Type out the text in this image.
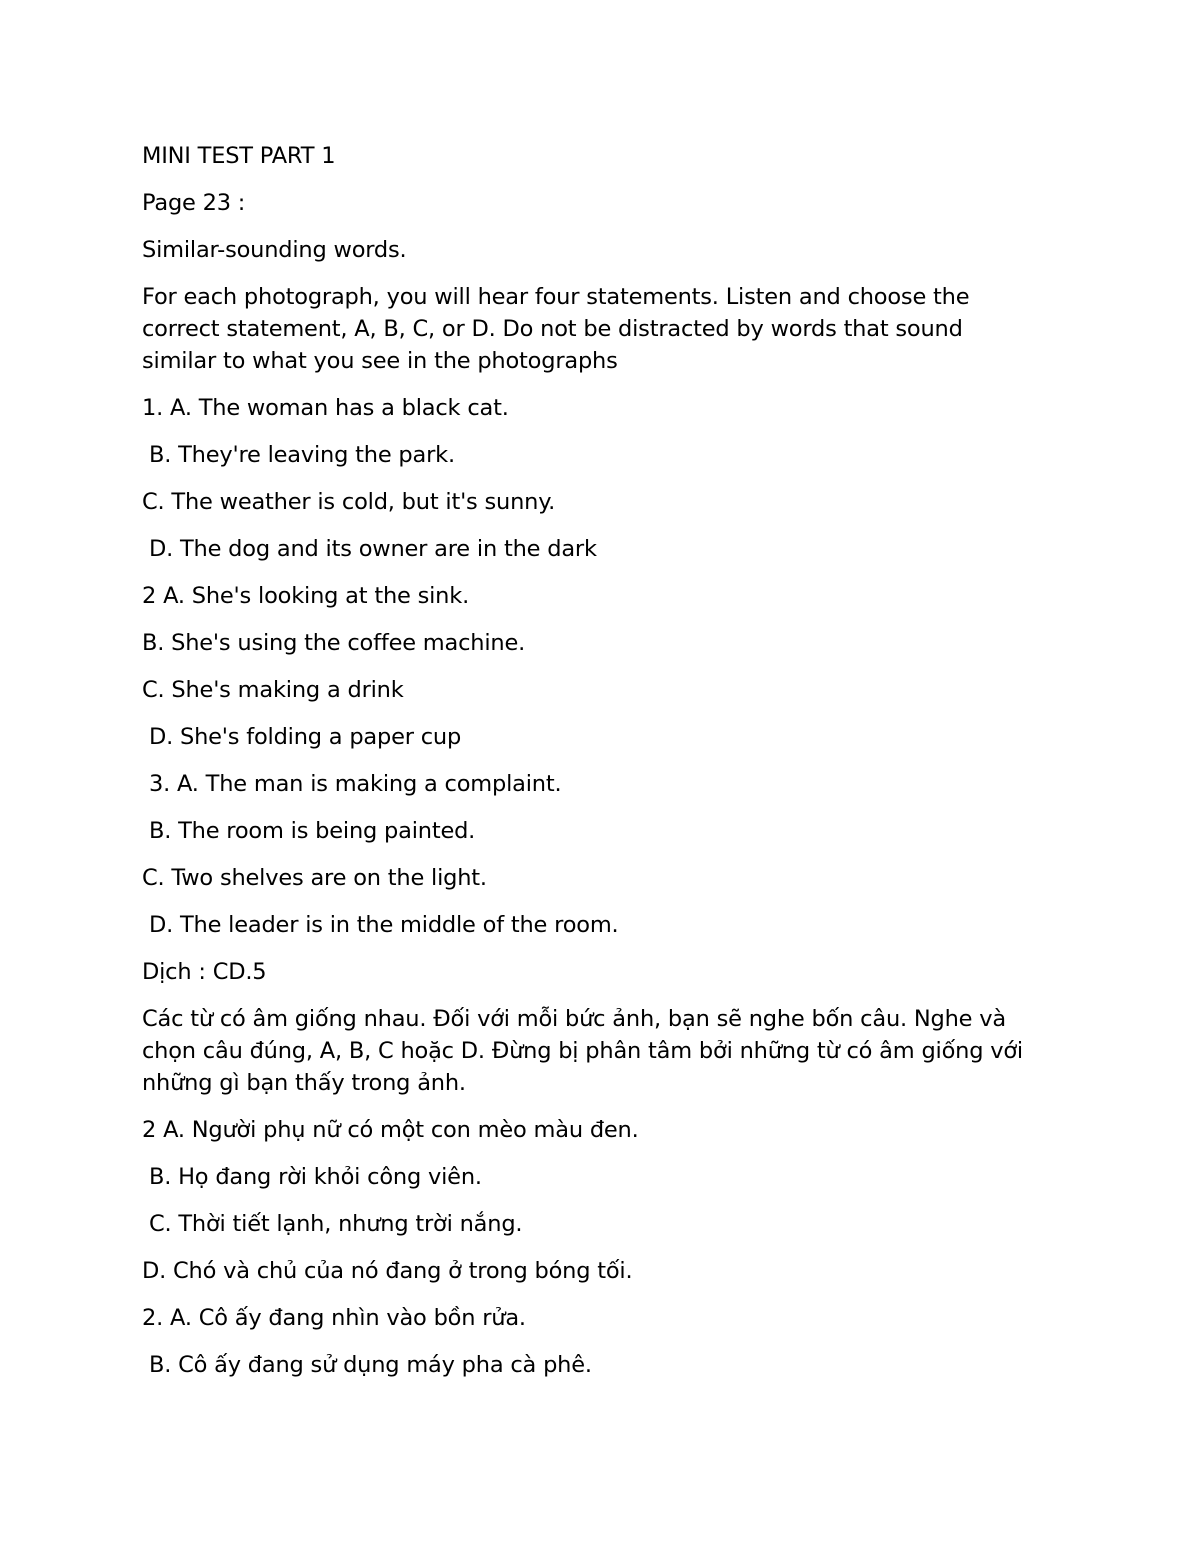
MINI TEST PART 1

Page 23 :

Similar-sounding words.

For each photograph, you will hear four statements. Listen and choose the correct statement, A, B, C, or D. Do not be distracted by words that sound similar to what you see in the photographs

1. A. The woman has a black cat.

B. They're leaving the park.

C. The weather is cold, but it's sunny.

D. The dog and its owner are in the dark

2 A. She's looking at the sink.

B. She's using the coffee machine.

C. She's making a drink

D. She's folding a paper cup

3. A. The man is making a complaint.

B. The room is being painted.

C. Two shelves are on the light.

D. The leader is in the middle of the room.

Dịch : CD.5

Các từ có âm giống nhau. Đối với mỗi bức ảnh, bạn sẽ nghe bốn câu. Nghe và chọn câu đúng, A, B, C hoặc D. Đừng bị phân tâm bởi những từ có âm giống với những gì bạn thấy trong ảnh.

2 A. Người phụ nữ có một con mèo màu đen.

B. Họ đang rời khỏi công viên.

C. Thời tiết lạnh, nhưng trời nắng.

D. Chó và chủ của nó đang ở trong bóng tối.

2. A. Cô ấy đang nhìn vào bồn rửa.

B. Cô ấy đang sử dụng máy pha cà phê.
